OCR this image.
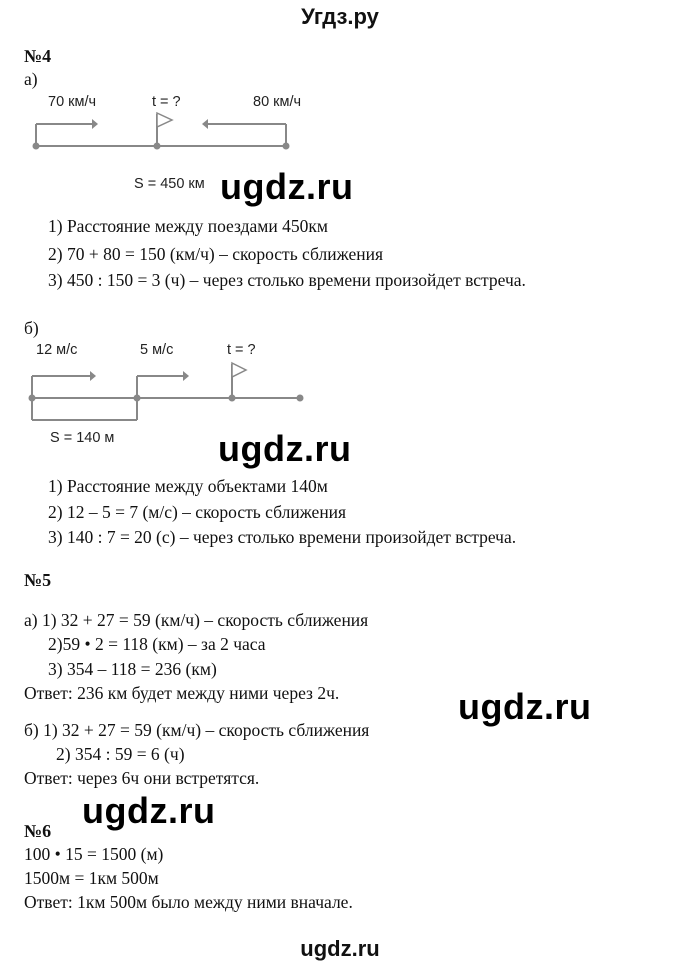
Угдз.ру
№4
а)
70 км/ч	t = ?	80 км/ч
S = 450 км ugdz.ru
1) Расстояние между поездами 450км
2) 70 + 80 = 150 (км/ч) – скорость сближения
3) 450 : 150 = 3 (ч) – через столько времени произойдет встреча.
б)
12 м/с	5 м/с	t = ?
S = 140 м	ugdz.ru
1) Расстояние между объектами 140м
2) 12 – 5 = 7 (м/с) – скорость сближения
3) 140 : 7 = 20 (с) – через столько времени произойдет встреча.
№5
а) 1) 32 + 27 = 59 (км/ч) – скорость сближения
2)59 • 2 = 118 (км) – за 2 часа
3) 354 – 118 = 236 (км)
Ответ: 236 км будет между ними через 2ч.	ugdz.ru
б) 1) 32 + 27 = 59 (км/ч) – скорость сближения
2) 354 : 59 = 6 (ч)
Ответ: через 6ч они встретятся.
ugdz.ru
№6
100 • 15 = 1500 (м)
1500м = 1км 500м
Ответ: 1км 500м было между ними вначале.
ugdz.ru
